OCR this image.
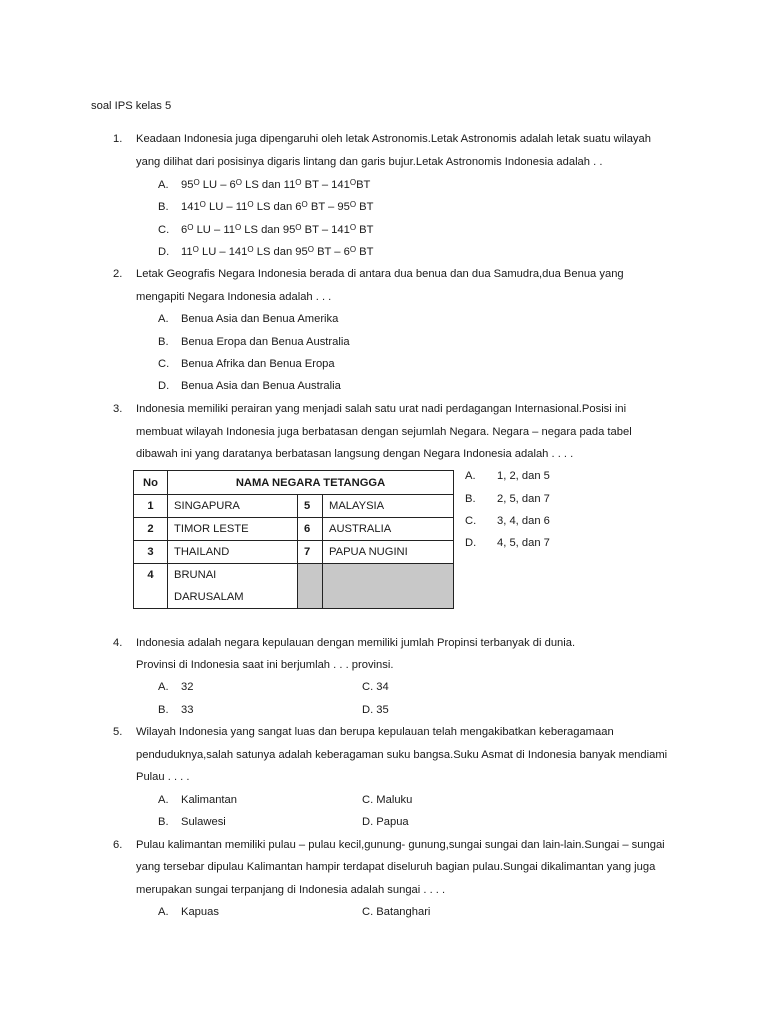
soal IPS kelas 5
1. Keadaan Indonesia juga dipengaruhi oleh letak Astronomis.Letak Astronomis adalah letak suatu wilayah
yang dilihat dari posisinya digaris lintang dan garis bujur.Letak Astronomis Indonesia adalah . .
A. $95^O$ LU – $6^O$ LS dan $11^O$ BT – $141^OBT$
B. $141^O$ LU – $11^O$ LS dan $6^O$ BT – $95^O$ BT
C. $6^O$ LU – $11^O$ LS dan $95^O$ BT – $141^O$ BT
D. $11^O$ LU – $141^O$ LS dan $95^O$ BT – $6^O$ BT
2. Letak Geografis Negara Indonesia berada di antara dua benua dan dua Samudra,dua Benua yang
mengapiti Negara Indonesia adalah . . .
A. Benua Asia dan Benua Amerika
B. Benua Eropa dan Benua Australia
C. Benua Afrika dan Benua Eropa
D. Benua Asia dan Benua Australia
3. Indonesia memiliki perairan yang menjadi salah satu urat nadi perdagangan Internasional.Posisi ini
membuat wilayah Indonesia juga berbatasan dengan sejumlah Negara. Negara – negara pada tabel
dibawah ini yang daratanya berbatasan langsung dengan Negara Indonesia adalah . . . .
No	NAMA NEGARA TETANGGA		
1	SINGAPURA	5	MALAYSIA
2	TIMOR LESTE	6	AUSTRALIA
3	THAILAND	7	PAPUA NUGINI
4	BRUNAI
DARUSALAM		

A. 1, 2, dan 5
B. 2, 5, dan 7
C. 3, 4, dan 6
D. 4, 5, dan 7
4. Indonesia adalah negara kepulauan dengan memiliki jumlah Propinsi terbanyak di dunia.
Provinsi di Indonesia saat ini berjumlah . . . provinsi.
A. 32	C. 34
B. 33	D. 35
5. Wilayah Indonesia yang sangat luas dan berupa kepulauan telah mengakibatkan keberagamaan
penduduknya,salah satunya adalah keberagaman suku bangsa.Suku Asmat di Indonesia banyak mendiami
Pulau . . . .
A. Kalimantan	C. Maluku
B. Sulawesi	D. Papua
6. Pulau kalimantan memiliki pulau – pulau kecil,gunung- gunung,sungai sungai dan lain-lain.Sungai – sungai
yang tersebar dipulau Kalimantan hampir terdapat diseluruh bagian pulau.Sungai dikalimantan yang juga
merupakan sungai terpanjang di Indonesia adalah sungai . . . .
A. Kapuas	C. Batanghari
